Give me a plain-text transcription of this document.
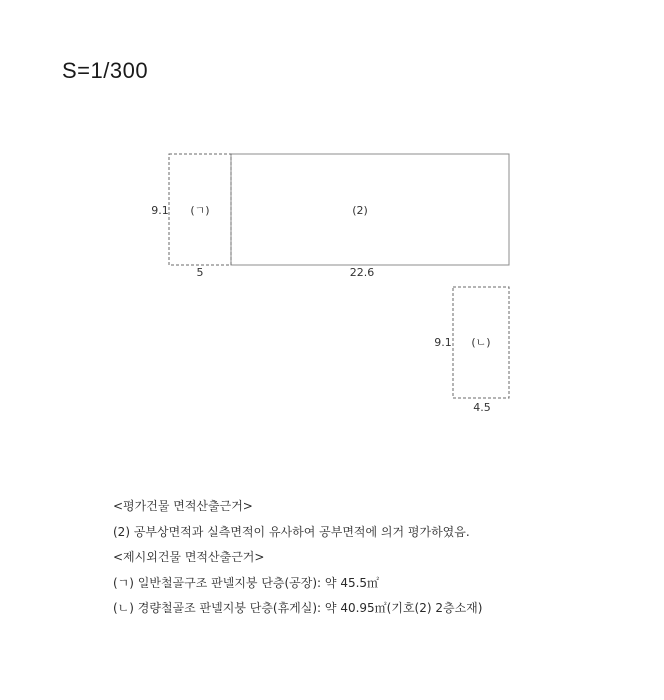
S=1/300
(ㄱ)
9.1
5
(2)
22.6
(ㄴ)
9.1
4.5
<평가건물 면적산출근거>
(2) 공부상면적과 실측면적이 유사하여 공부면적에 의거 평가하였음.
<제시외건물 면적산출근거>
(ㄱ) 일반철골구조 판넬지붕 단층(공장): 약 45.5㎡
(ㄴ) 경량철골조 판넬지붕 단층(휴게실): 약 40.95㎡(기호(2) 2층소재)
